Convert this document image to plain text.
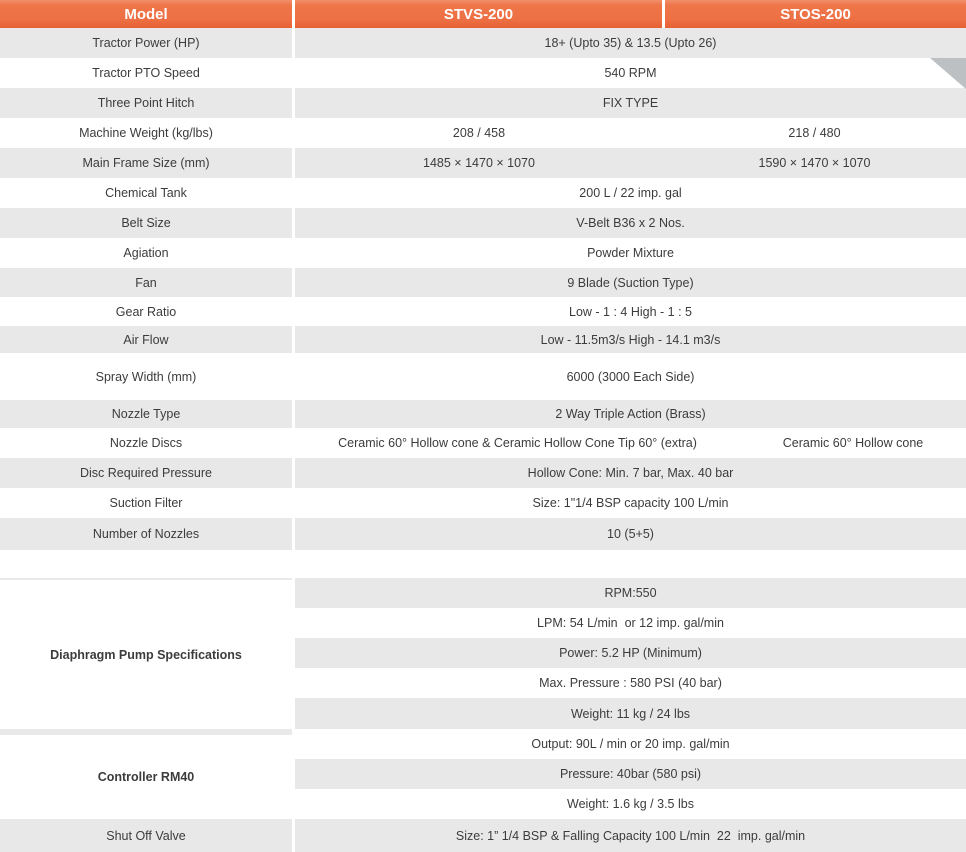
Model	STVS-200	STOS-200
Tractor Power (HP)	18+ (Upto 35) & 13.5 (Upto 26)
Tractor PTO Speed	540 RPM
Three Point Hitch	FIX TYPE
Machine Weight (kg/lbs)	208 / 458	218 / 480
Main Frame Size (mm)	1485 × 1470 × 1070	1590 × 1470 × 1070
Chemical Tank	200 L / 22 imp. gal
Belt Size	V-Belt B36 x 2 Nos.
Agiation	Powder Mixture
Fan	9 Blade (Suction Type)
Gear Ratio	Low - 1 : 4 High - 1 : 5
Air Flow	Low - 11.5m3/s High - 14.1 m3/s
Spray Width (mm)	6000 (3000 Each Side)
Nozzle Type	2 Way Triple Action (Brass)
Nozzle Discs	Ceramic 60° Hollow cone & Ceramic Hollow Cone Tip 60° (extra)	Ceramic 60° Hollow cone
Disc Required Pressure	Hollow Cone: Min. 7 bar, Max. 40 bar
Suction Filter	Size: 1"1/4 BSP capacity 100 L/min
Number of Nozzles	10 (5+5)
Diaphragm Pump Specifications
RPM:550
LPM: 54 L/min  or 12 imp. gal/min
Power: 5.2 HP (Minimum)
Max. Pressure : 580 PSI (40 bar)
Weight: 11 kg / 24 lbs
Controller RM40
Output: 90L / min or 20 imp. gal/min
Pressure: 40bar (580 psi)
Weight: 1.6 kg / 3.5 lbs
Shut Off Valve	Size: 1” 1/4 BSP & Falling Capacity 100 L/min  22  imp. gal/min
